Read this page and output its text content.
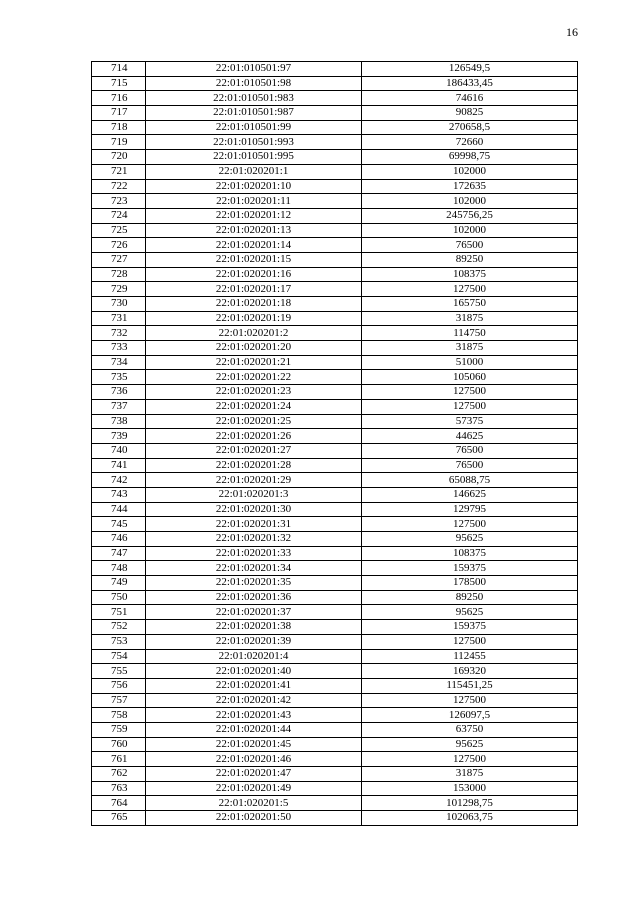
16
714	22:01:010501:97	126549,5
715	22:01:010501:98	186433,45
716	22:01:010501:983	74616
717	22:01:010501:987	90825
718	22:01:010501:99	270658,5
719	22:01:010501:993	72660
720	22:01:010501:995	69998,75
721	22:01:020201:1	102000
722	22:01:020201:10	172635
723	22:01:020201:11	102000
724	22:01:020201:12	245756,25
725	22:01:020201:13	102000
726	22:01:020201:14	76500
727	22:01:020201:15	89250
728	22:01:020201:16	108375
729	22:01:020201:17	127500
730	22:01:020201:18	165750
731	22:01:020201:19	31875
732	22:01:020201:2	114750
733	22:01:020201:20	31875
734	22:01:020201:21	51000
735	22:01:020201:22	105060
736	22:01:020201:23	127500
737	22:01:020201:24	127500
738	22:01:020201:25	57375
739	22:01:020201:26	44625
740	22:01:020201:27	76500
741	22:01:020201:28	76500
742	22:01:020201:29	65088,75
743	22:01:020201:3	146625
744	22:01:020201:30	129795
745	22:01:020201:31	127500
746	22:01:020201:32	95625
747	22:01:020201:33	108375
748	22:01:020201:34	159375
749	22:01:020201:35	178500
750	22:01:020201:36	89250
751	22:01:020201:37	95625
752	22:01:020201:38	159375
753	22:01:020201:39	127500
754	22:01:020201:4	112455
755	22:01:020201:40	169320
756	22:01:020201:41	115451,25
757	22:01:020201:42	127500
758	22:01:020201:43	126097,5
759	22:01:020201:44	63750
760	22:01:020201:45	95625
761	22:01:020201:46	127500
762	22:01:020201:47	31875
763	22:01:020201:49	153000
764	22:01:020201:5	101298,75
765	22:01:020201:50	102063,75
